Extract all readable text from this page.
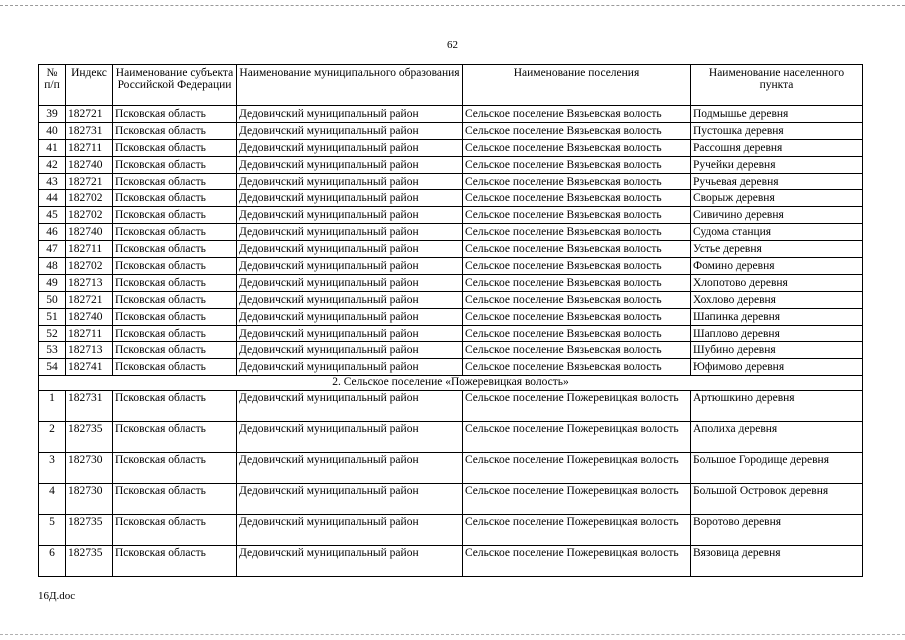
62
№ п/п	Индекс	Наименование субъекта Российской Федерации	Наименование муниципального образования	Наименование поселения	Наименование населенного пункта

39	182721	Псковская область	Дедовичский муниципальный район	Сельское поселение Вязьевская волость	Подмышье деревня

40	182731	Псковская область	Дедовичский муниципальный район	Сельское поселение Вязьевская волость	Пустошка деревня

41	182711	Псковская область	Дедовичский муниципальный район	Сельское поселение Вязьевская волость	Рассошня деревня

42	182740	Псковская область	Дедовичский муниципальный район	Сельское поселение Вязьевская волость	Ручейки деревня

43	182721	Псковская область	Дедовичский муниципальный район	Сельское поселение Вязьевская волость	Ручьевая деревня

44	182702	Псковская область	Дедовичский муниципальный район	Сельское поселение Вязьевская волость	Сворыж деревня

45	182702	Псковская область	Дедовичский муниципальный район	Сельское поселение Вязьевская волость	Сивичино деревня

46	182740	Псковская область	Дедовичский муниципальный район	Сельское поселение Вязьевская волость	Судома станция

47	182711	Псковская область	Дедовичский муниципальный район	Сельское поселение Вязьевская волость	Устье деревня

48	182702	Псковская область	Дедовичский муниципальный район	Сельское поселение Вязьевская волость	Фомино деревня

49	182713	Псковская область	Дедовичский муниципальный район	Сельское поселение Вязьевская волость	Хлопотово деревня

50	182721	Псковская область	Дедовичский муниципальный район	Сельское поселение Вязьевская волость	Хохлово деревня

51	182740	Псковская область	Дедовичский муниципальный район	Сельское поселение Вязьевская волость	Шапинка деревня

52	182711	Псковская область	Дедовичский муниципальный район	Сельское поселение Вязьевская волость	Шаплово деревня

53	182713	Псковская область	Дедовичский муниципальный район	Сельское поселение Вязьевская волость	Шубино деревня

54	182741	Псковская область	Дедовичский муниципальный район	Сельское поселение Вязьевская волость	Юфимово деревня

2. Сельское поселение «Пожеревицкая волость»					
1	182731	Псковская область	Дедовичский муниципальный район	Сельское поселение Пожеревицкая волость	Артюшкино деревня
2	182735	Псковская область	Дедовичский муниципальный район	Сельское поселение Пожеревицкая волость	Аполиха деревня
3	182730	Псковская область	Дедовичский муниципальный район	Сельское поселение Пожеревицкая волость	Большое Городище деревня
4	182730	Псковская область	Дедовичский муниципальный район	Сельское поселение Пожеревицкая волость	Большой Островок деревня
5	182735	Псковская область	Дедовичский муниципальный район	Сельское поселение Пожеревицкая волость	Воротово деревня
6	182735	Псковская область	Дедовичский муниципальный район	Сельское поселение Пожеревицкая волость	Вязовица деревня
16Д.doc
